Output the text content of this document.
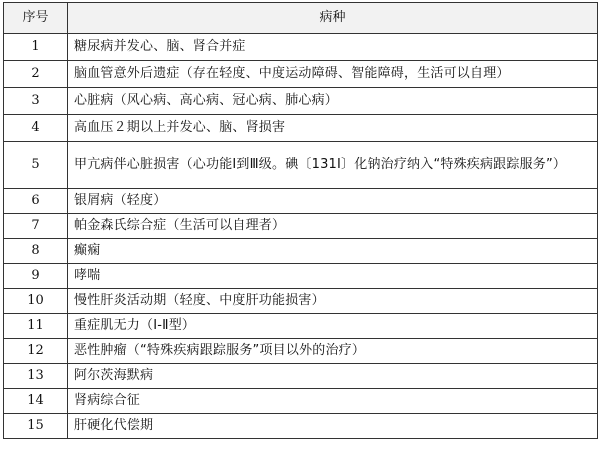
序号	病种
1	糖尿病并发心、脑、肾合并症
2	脑血管意外后遗症（存在轻度、中度运动障碍、智能障碍，生活可以自理）
3	心脏病（风心病、高心病、冠心病、肺心病）
4	高血压２期以上并发心、脑、肾损害
5	甲亢病伴心脏损害（心功能Ⅰ到Ⅲ级。碘〔131I〕化钠治疗纳入“特殊疾病跟踪服务”）
6	银屑病（轻度）
7	帕金森氏综合症（生活可以自理者）
8	癫痫
9	哮喘
10	慢性肝炎活动期（轻度、中度肝功能损害）
11	重症肌无力（Ⅰ-Ⅱ型）
12	恶性肿瘤（“特殊疾病跟踪服务”项目以外的治疗）
13	阿尔茨海默病
14	肾病综合征
15	肝硬化代偿期
